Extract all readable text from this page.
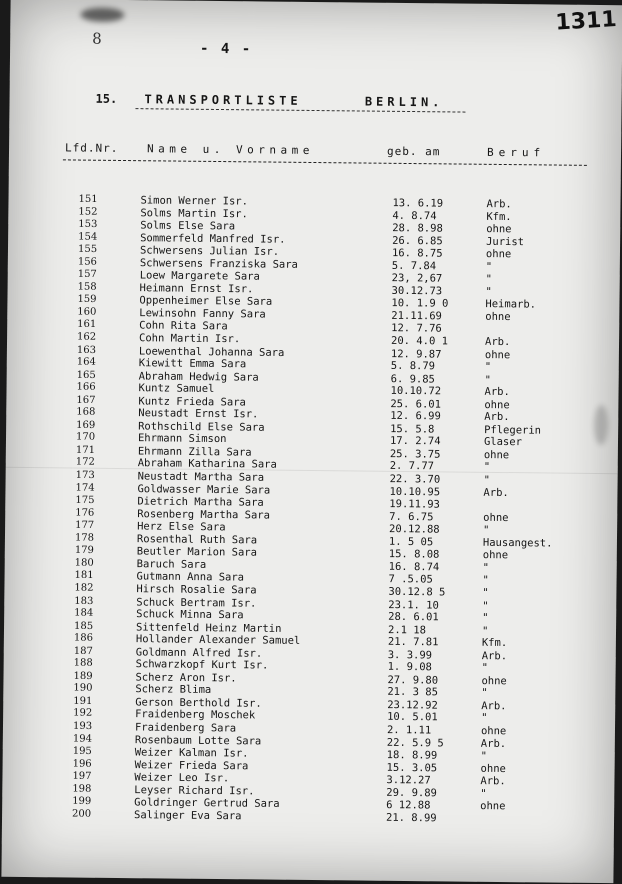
1311
8
- 4 -
15. TRANSPORTLISTE	BERLIN.
Lfd.Nr.	Name u. Vorname	geb. am	Beruf
151	Simon Werner Isr.	13. 6.19	Arb.
152	Solms Martin Isr.	4. 8.74	Kfm.
153	Solms Else Sara	28. 8.98	ohne
154	Sommerfeld Manfred Isr.	26. 6.85	Jurist
155	Schwersens Julian Isr.	16. 8.75	ohne
156	Schwersens Franziska Sara	5. 7.84	"
157	Loew Margarete Sara	23, 2,67	"
158	Heimann Ernst Isr.	30.12.73	"
159	Oppenheimer Else Sara	10. 1.9 0	Heimarb.
160	Lewinsohn Fanny Sara	21.11.69	ohne
161	Cohn Rita Sara	12. 7.76
162	Cohn Martin Isr.	20. 4.0 1	Arb.
163	Loewenthal Johanna Sara	12. 9.87	ohne
164	Kiewitt Emma Sara	5. 8.79	"
165	Abraham Hedwig Sara	6. 9.85	"
166	Kuntz Samuel	10.10.72	Arb.
167	Kuntz Frieda Sara	25. 6.01	ohne
168	Neustadt Ernst Isr.	12. 6.99	Arb.
169	Rothschild Else Sara	15. 5.8	Pflegerin
170	Ehrmann Simson	17. 2.74	Glaser
171	Ehrmann Zilla Sara	25. 3.75	ohne
172	Abraham Katharina Sara	2. 7.77	"
173	Neustadt Martha Sara	22. 3.70	"
174	Goldwasser Marie Sara	10.10.95	Arb.
175	Dietrich Martha Sara	19.11.93
176	Rosenberg Martha Sara	7. 6.75	ohne
177	Herz Else Sara	20.12.88	"
178	Rosenthal Ruth Sara	1. 5 05	Hausangest.
179	Beutler Marion Sara	15. 8.08	ohne
180	Baruch Sara	16. 8.74	"
181	Gutmann Anna Sara	7 .5.05	"
182	Hirsch Rosalie Sara	30.12.8 5	"
183	Schuck Bertram Isr.	23.1. 10	"
184	Schuck Minna Sara	28. 6.01	"
185	Sittenfeld Heinz Martin	2.1 18	"
186	Hollander Alexander Samuel	21. 7.81	Kfm.
187	Goldmann Alfred Isr.	3. 3.99	Arb.
188	Schwarzkopf Kurt Isr.	1. 9.08	"
189	Scherz Aron Isr.	27. 9.80	ohne
190	Scherz Blima	21. 3 85	"
191	Gerson Berthold Isr.	23.12.92	Arb.
192	Fraidenberg Moschek	10. 5.01	"
193	Fraidenberg Sara	2. 1.11	ohne
194	Rosenbaum Lotte Sara	22. 5.9 5	Arb.
195	Weizer Kalman Isr.	18. 8.99	"
196	Weizer Frieda Sara	15. 3.05	ohne
197	Weizer Leo Isr.	3.12.27	Arb.
198	Leyser Richard Isr.	29. 9.89	"
199	Goldringer Gertrud Sara	6 12.88	ohne
200	Salinger Eva Sara	21. 8.99
